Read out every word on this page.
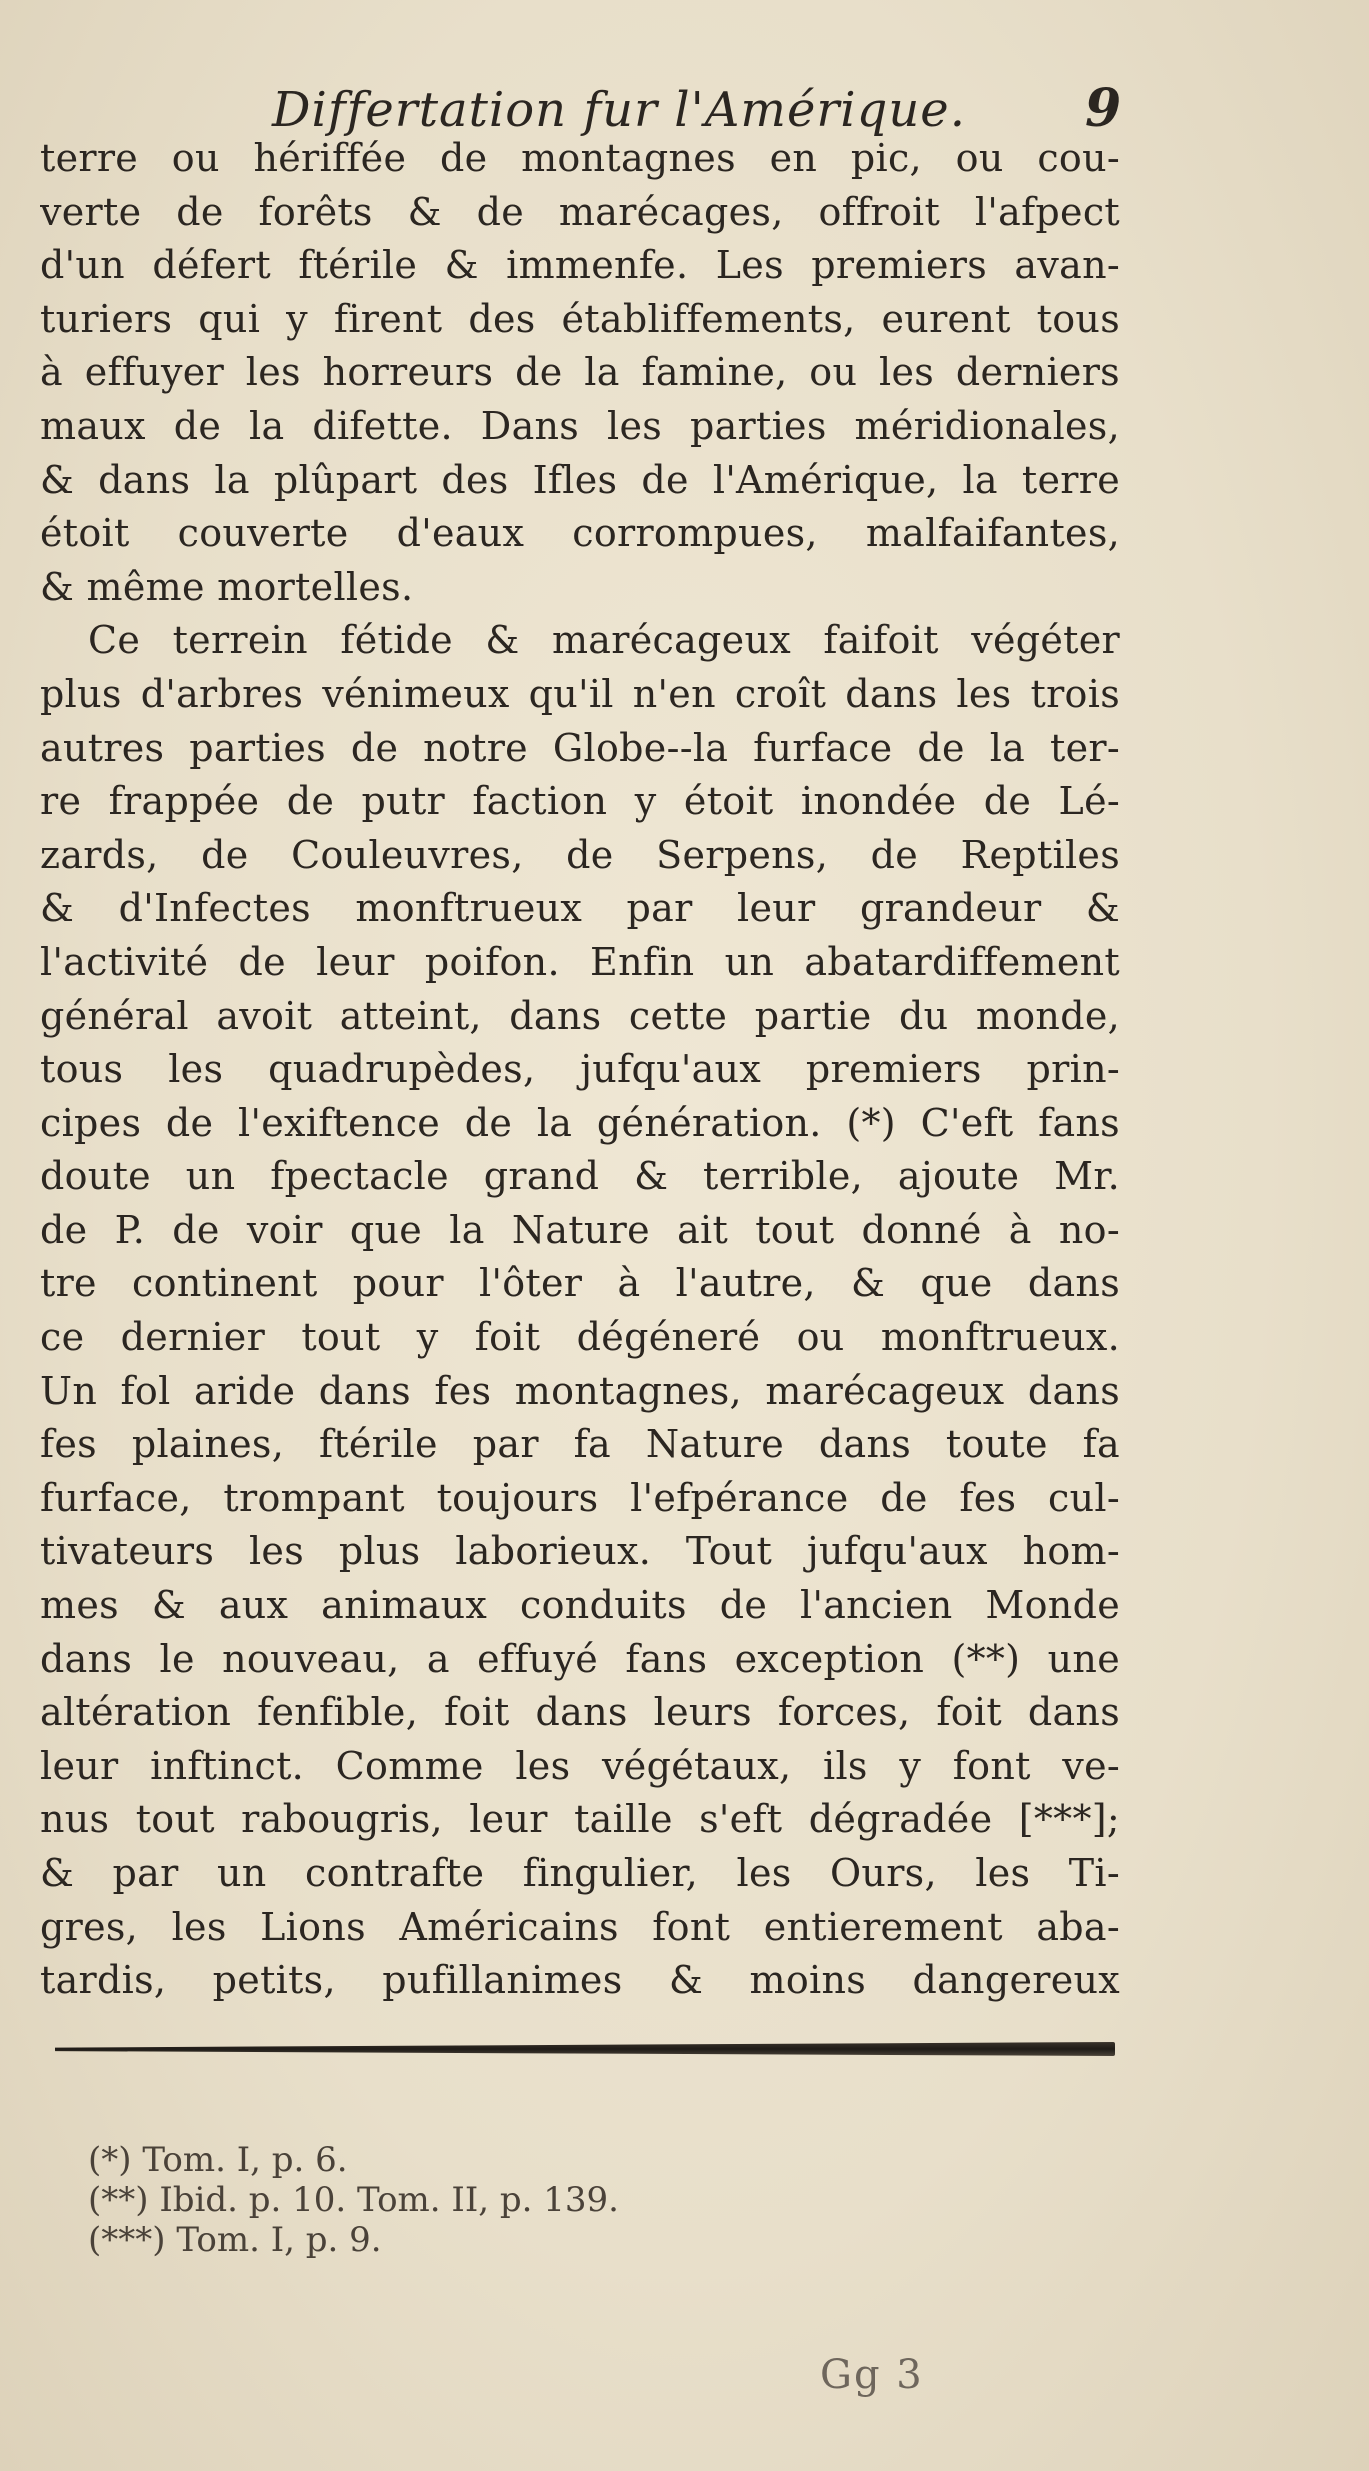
Differtation fur l'Amérique. 9
terre ou hériffée de montagnes en pic, ou cou-
verte de forêts & de marécages, offroit l'afpect
d'un défert ftérile & immenfe. Les premiers avan-
turiers qui y firent des établiffements, eurent tous
à effuyer les horreurs de la famine, ou les derniers
maux de la difette. Dans les parties méridionales,
& dans la plûpart des Ifles de l'Amérique, la terre
étoit couverte d'eaux corrompues, malfaifantes,
& même mortelles.
Ce terrein fétide & marécageux faifoit végéter
plus d'arbres vénimeux qu'il n'en croît dans les trois
autres parties de notre Globe--la furface de la ter-
re frappée de putr faction y étoit inondée de Lé-
zards, de Couleuvres, de Serpens, de Reptiles
& d'Infectes monftrueux par leur grandeur &
l'activité de leur poifon. Enfin un abatardiffement
général avoit atteint, dans cette partie du monde,
tous les quadrupèdes, jufqu'aux premiers prin-
cipes de l'exiftence de la génération. (*) C'eft fans
doute un fpectacle grand & terrible, ajoute Mr.
de P. de voir que la Nature ait tout donné à no-
tre continent pour l'ôter à l'autre, & que dans
ce dernier tout y foit dégéneré ou monftrueux.
Un fol aride dans fes montagnes, marécageux dans
fes plaines, ftérile par fa Nature dans toute fa
furface, trompant toujours l'efpérance de fes cul-
tivateurs les plus laborieux. Tout jufqu'aux hom-
mes & aux animaux conduits de l'ancien Monde
dans le nouveau, a effuyé fans exception (**) une
altération fenfible, foit dans leurs forces, foit dans
leur inftinct. Comme les végétaux, ils y font ve-
nus tout rabougris, leur taille s'eft dégradée [***];
& par un contrafte fingulier, les Ours, les Ti-
gres, les Lions Américains font entierement aba-
tardis, petits, pufillanimes & moins dangereux
(*) Tom. I, p. 6.
(**) Ibid. p. 10. Tom. II, p. 139.
(***) Tom. I, p. 9.
Gg 3
